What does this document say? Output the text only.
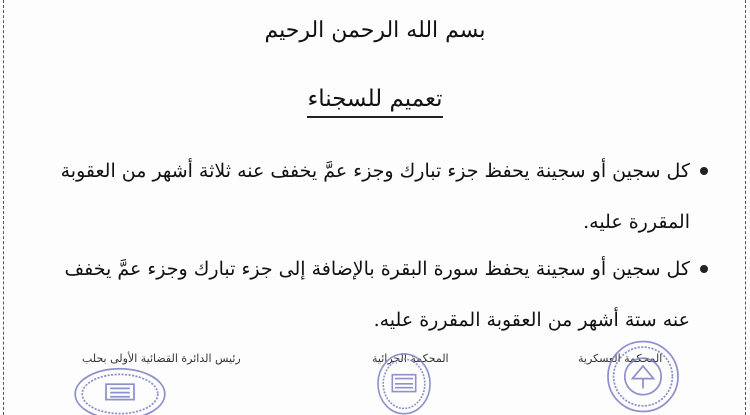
بسم الله الرحمن الرحيم
تعميم للسجناء
كل سجين أو سجينة يحفظ جزء تبارك وجزء عمَّ يخفف عنه ثلاثة أشهر من العقوبة المقررة عليه.
كل سجين أو سجينة يحفظ سورة البقرة بالإضافة إلى جزء تبارك وجزء عمَّ يخفف عنه ستة أشهر من العقوبة المقررة عليه.
المحكمة العسكرية
المحكمة الجزائية
رئيس الدائرة القضائية الأولى بحلب
